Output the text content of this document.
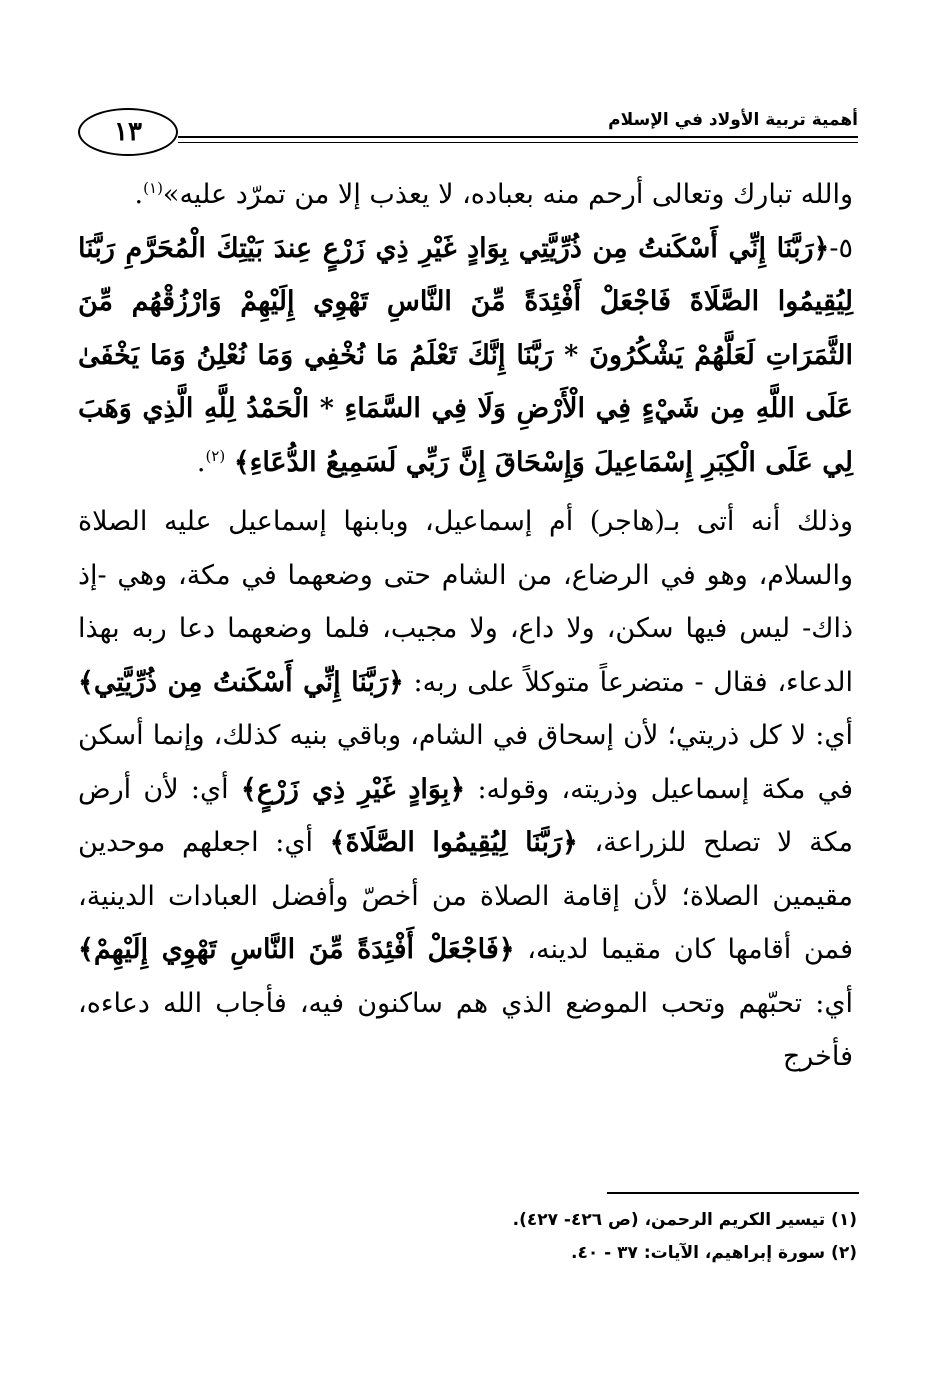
١٣	أهمية تربية الأولاد في الإسلام

والله تبارك وتعالى أرحم منه بعباده، لا يعذب إلا من تمرّد عليه»$^{(١)}$.

٥-﴿رَبَّنَا إِنِّي أَسْكَنتُ مِن ذُرِّيَّتِي بِوَادٍ غَيْرِ ذِي زَرْعٍ عِندَ بَيْتِكَ الْمُحَرَّمِ رَبَّنَا لِيُقِيمُوا الصَّلَاةَ فَاجْعَلْ أَفْئِدَةً مِّنَ النَّاسِ تَهْوِي إِلَيْهِمْ وَارْزُقْهُم مِّنَ الثَّمَرَاتِ لَعَلَّهُمْ يَشْكُرُونَ * رَبَّنَا إِنَّكَ تَعْلَمُ مَا نُخْفِي وَمَا نُعْلِنُ وَمَا يَخْفَىٰ عَلَى اللَّهِ مِن شَيْءٍ فِي الْأَرْضِ وَلَا فِي السَّمَاءِ * الْحَمْدُ لِلَّهِ الَّذِي وَهَبَ لِي عَلَى الْكِبَرِ إِسْمَاعِيلَ وَإِسْحَاقَ إِنَّ رَبِّي لَسَمِيعُ الدُّعَاءِ﴾ $^{(٢)}$.

وذلك أنه أتى بـ(هاجر) أم إسماعيل، وبابنها إسماعيل عليه الصلاة والسلام، وهو في الرضاع، من الشام حتى وضعهما في مكة، وهي -إذ ذاك- ليس فيها سكن، ولا داع، ولا مجيب، فلما وضعهما دعا ربه بهذا الدعاء، فقال - متضرعاً متوكلاً على ربه: ﴿رَبَّنَا إِنِّي أَسْكَنتُ مِن ذُرِّيَّتِي﴾ أي: لا كل ذريتي؛ لأن إسحاق في الشام، وباقي بنيه كذلك، وإنما أسكن في مكة إسماعيل وذريته، وقوله: ﴿بِوَادٍ غَيْرِ ذِي زَرْعٍ﴾ أي: لأن أرض مكة لا تصلح للزراعة، ﴿رَبَّنَا لِيُقِيمُوا الصَّلَاةَ﴾ أي: اجعلهم موحدين مقيمين الصلاة؛ لأن إقامة الصلاة من أخصّ وأفضل العبادات الدينية، فمن أقامها كان مقيما لدينه، ﴿فَاجْعَلْ أَفْئِدَةً مِّنَ النَّاسِ تَهْوِي إِلَيْهِمْ﴾ أي: تحبّهم وتحب الموضع الذي هم ساكنون فيه، فأجاب الله دعاءه، فأخرج

(١) تيسير الكريم الرحمن، (ص ٤٢٦- ٤٢٧).

(٢) سورة إبراهيم، الآيات: ٣٧ - ٤٠.
